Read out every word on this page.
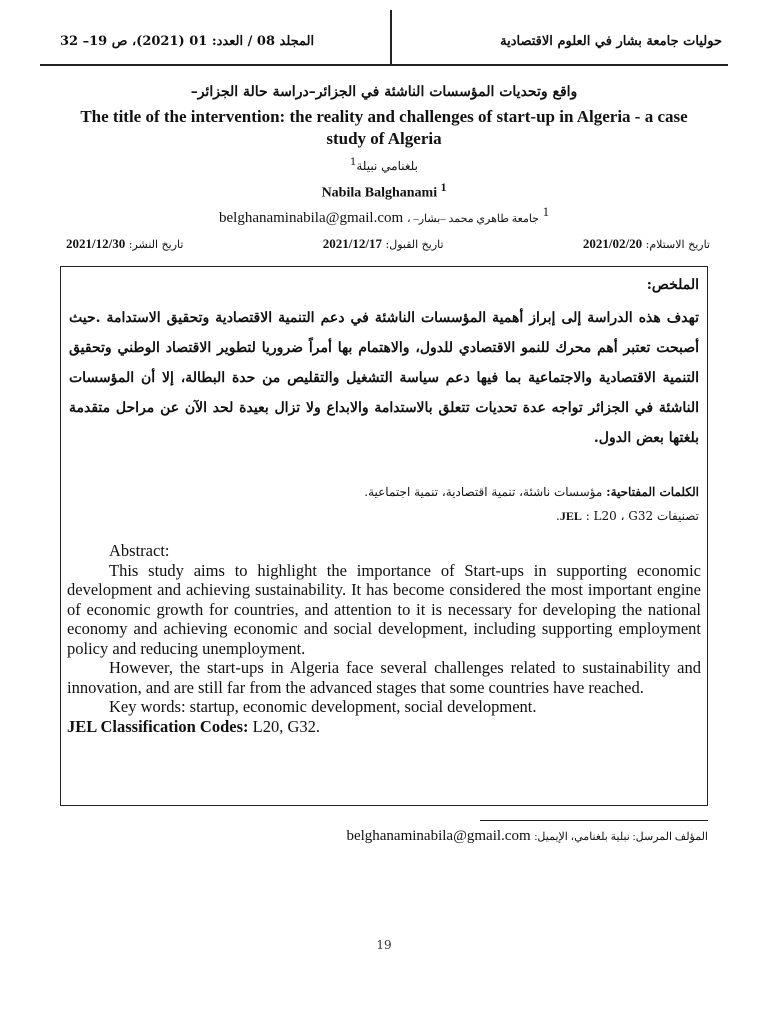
المجلد 08 / العدد: 01 (2021)، ص 19– 32	حوليات جامعة بشار في العلوم الاقتصادية
واقع وتحديات المؤسسات الناشئة في الجزائر–دراسة حالة الجزائر–
The title of the intervention: the reality and challenges of start-up in Algeria - a case study of Algeria
بلغنامي نبيلة$^1$
Nabila Balghanami $^1$
belghanaminabila@gmail.com جامعة طاهري محمد –بشار– ، $^1$
تاريخ الاستلام: 2021/02/20
تاريخ القبول: 2021/12/17
تاريخ النشر: 2021/12/30
الملخص:
تهدف هذه الدراسة إلى إبراز أهمية المؤسسات الناشئة في دعم التنمية الاقتصادية وتحقيق الاستدامة .حيث أصبحت تعتبر أهم محرك للنمو الاقتصادي للدول، والاهتمام بها أمراً ضروريا لتطوير الاقتصاد الوطني وتحقيق التنمية الاقتصادية والاجتماعية بما فيها دعم سياسة التشغيل والتقليص من حدة البطالة، إلا أن المؤسسات الناشئة في الجزائر تواجه عدة تحديات تتعلق بالاستدامة والابداع ولا تزال بعيدة لحد الآن عن مراحل متقدمة بلغتها بعض الدول.
الكلمات المفتاحية: مؤسسات ناشئة، تنمية اقتصادية، تنمية اجتماعية.
تصنيفات JEL : L20 ، G32.

Abstract:

This study aims to highlight the importance of Start-ups in supporting economic development and achieving sustainability. It has become considered the most important engine of economic growth for countries, and attention to it is necessary for developing the national economy and achieving economic and social development, including supporting employment policy and reducing unemployment.

However, the start-ups in Algeria face several challenges related to sustainability and innovation, and are still far from the advanced stages that some countries have reached.

Key words: startup, economic development, social development.

JEL Classification Codes: L20, G32.

belghanaminabila@gmail.com المؤلف المرسل: نبلية بلغنامي، الإيميل:
19
